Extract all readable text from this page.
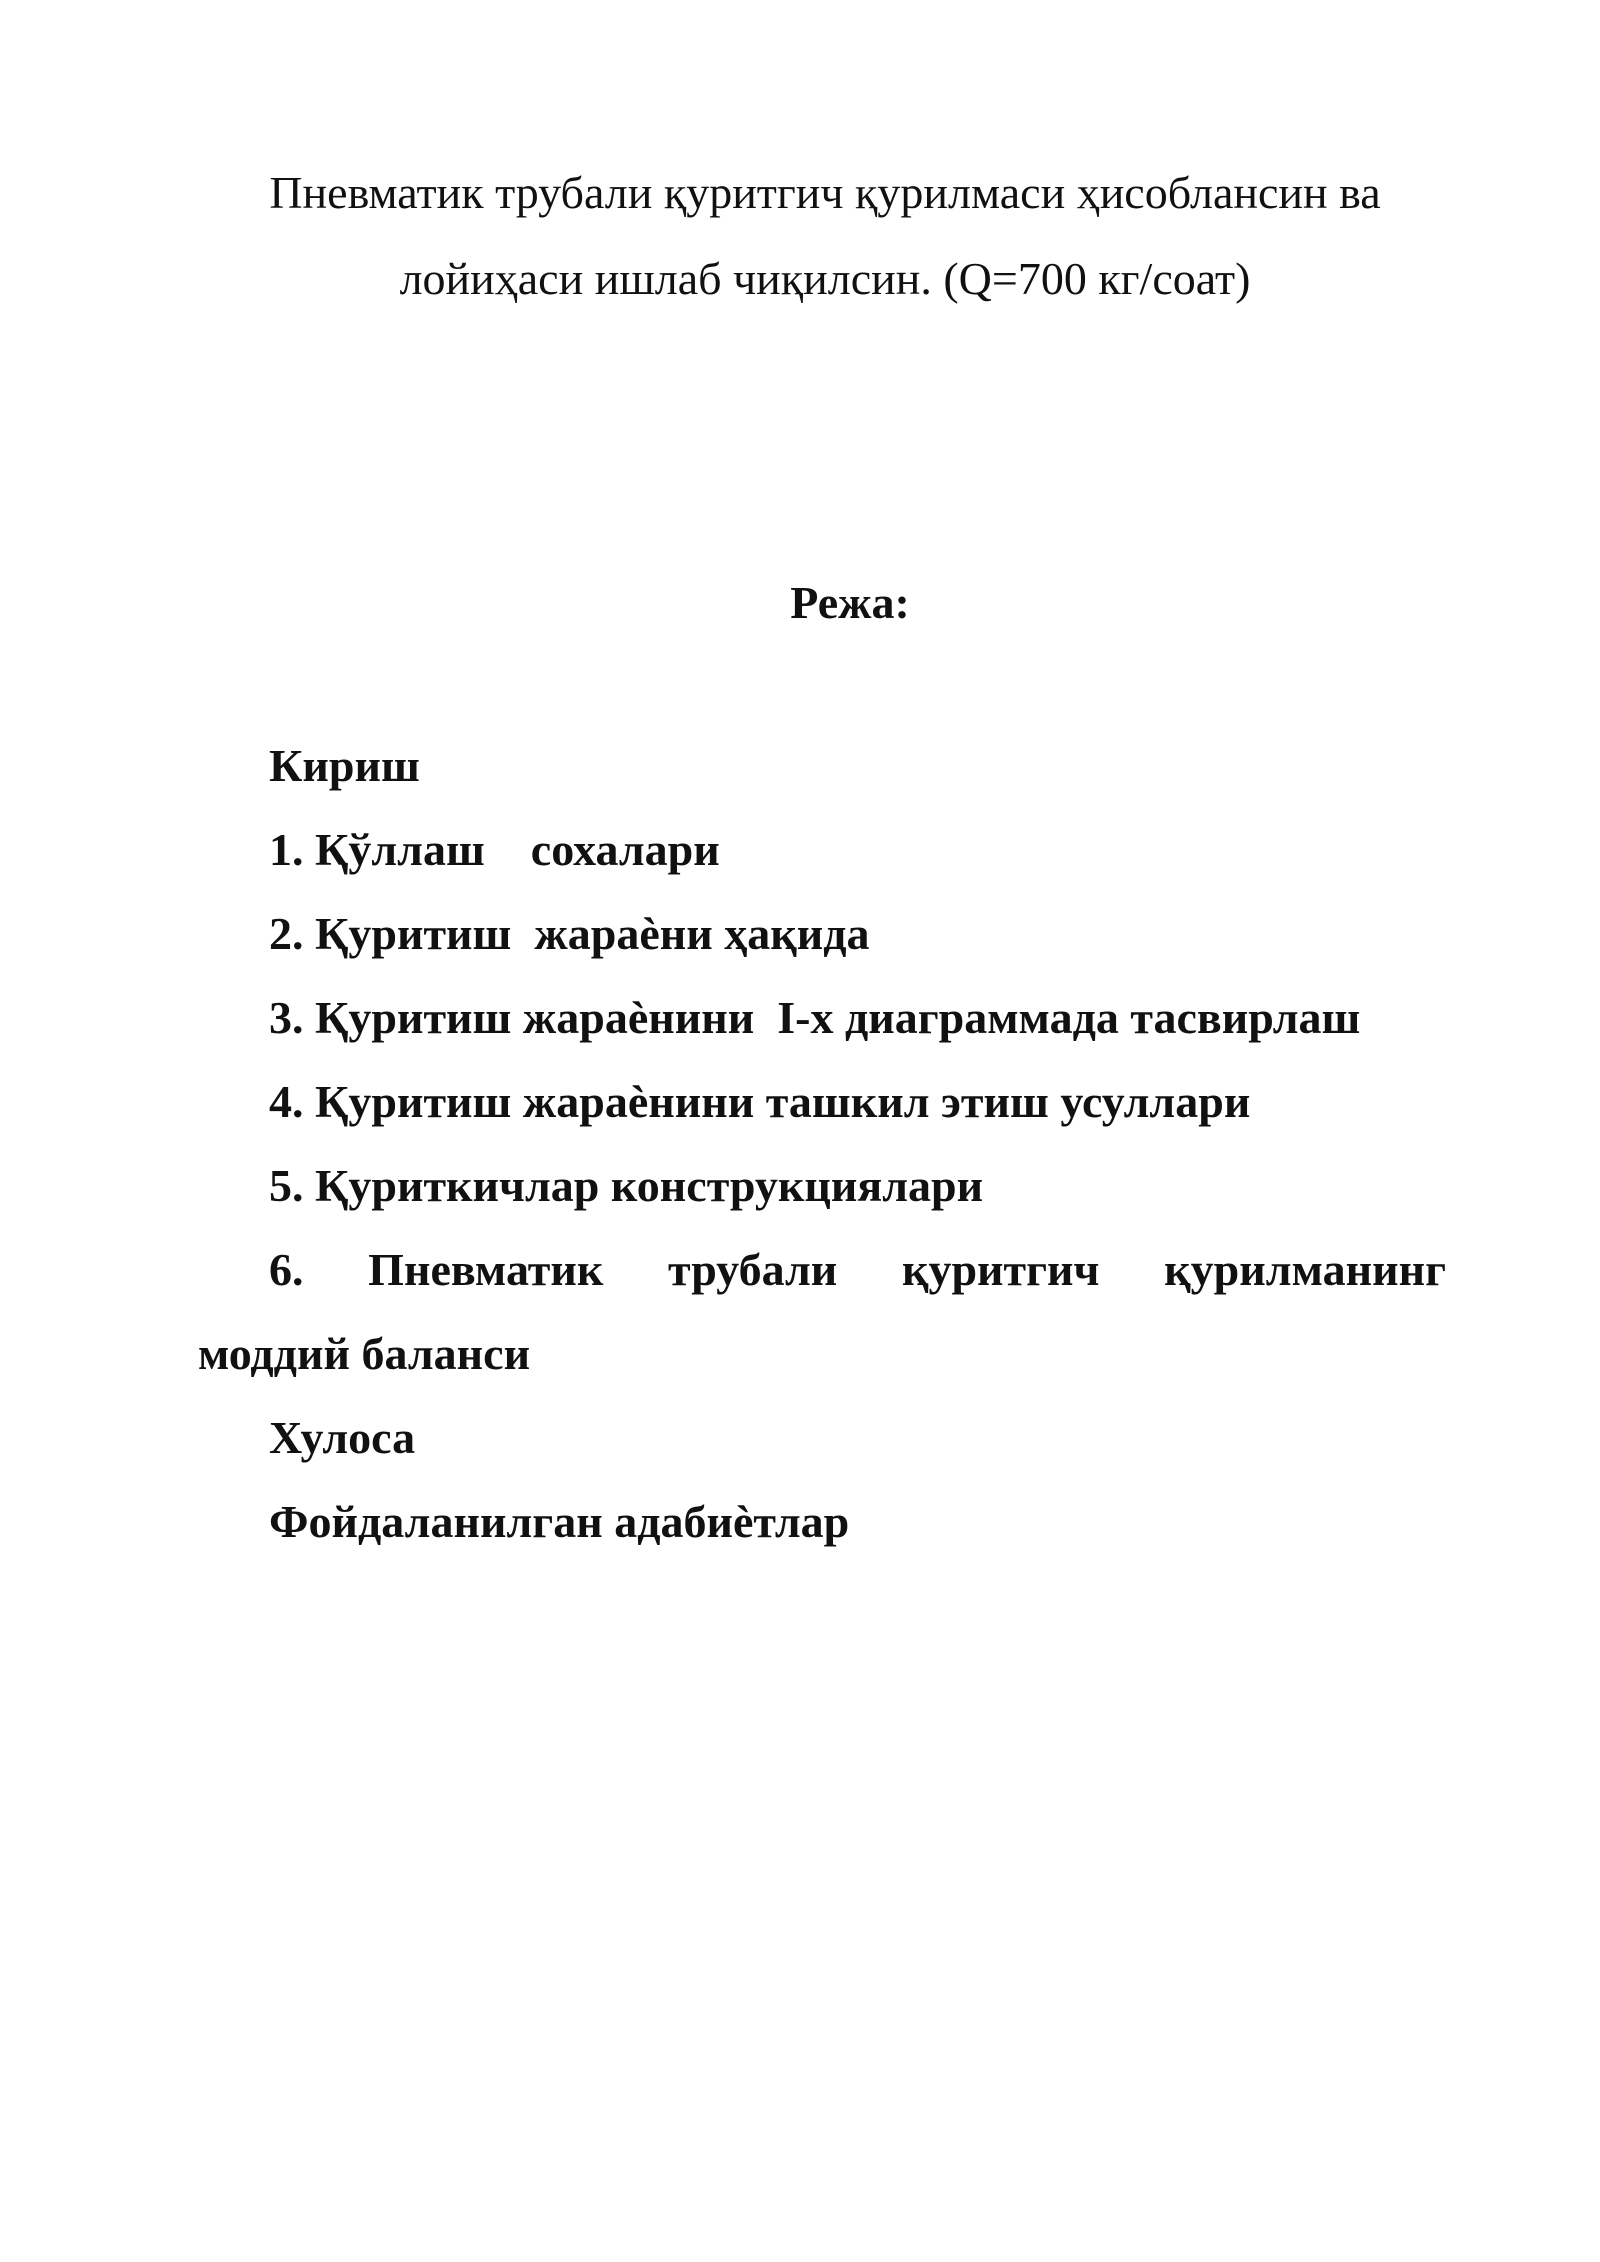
Пневматик трубали қуритгич қурилмаси ҳисоблансин ва
лойиҳаси ишлаб чиқилсин. (Q=700 кг/соат)
Режа:
Кириш
1. Қўллаш    сохалари
2. Қуритиш  жараѐни ҳақида
3. Қуритиш жараѐнини  I-x диаграммада тасвирлаш
4. Қуритиш жараѐнини ташкил этиш усуллари
5. Қуриткичлар конструкциялари
6. Пневматик трубали қуритгич қурилманинг
моддий баланси
Хулоса
Фойдаланилган адабиѐтлар
